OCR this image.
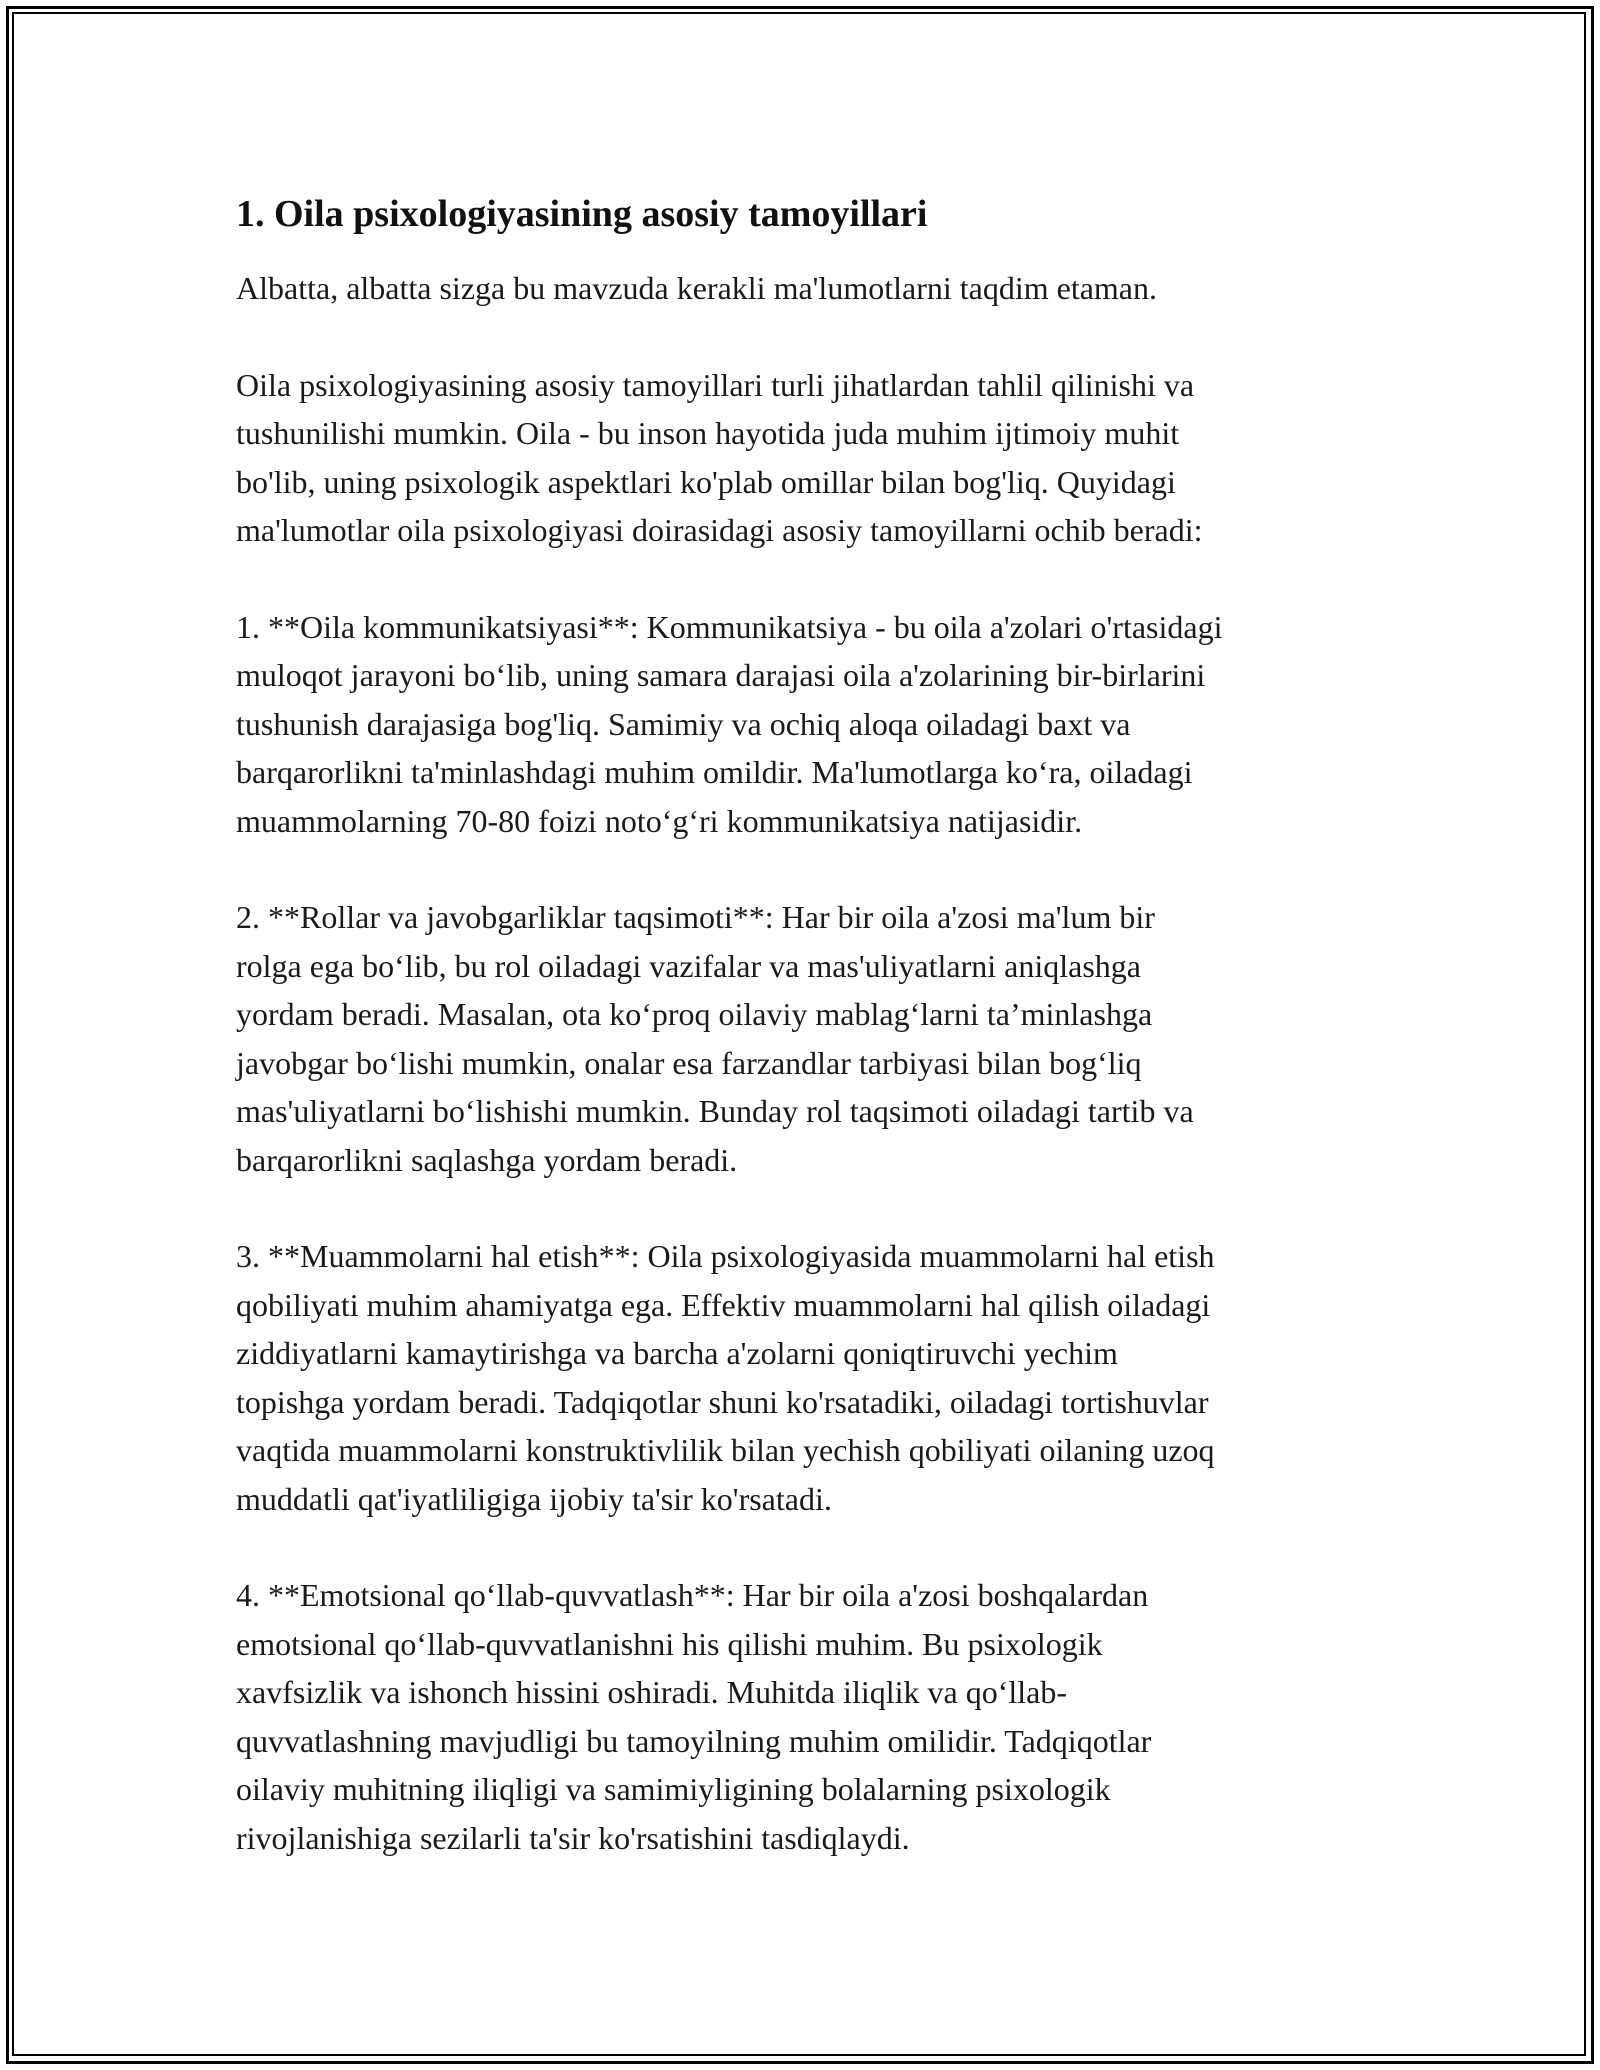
1. Oila psixologiyasining asosiy tamoyillari

Albatta, albatta sizga bu mavzuda kerakli ma'lumotlarni taqdim etaman.

Oila psixologiyasining asosiy tamoyillari turli jihatlardan tahlil qilinishi va
tushunilishi mumkin. Oila - bu inson hayotida juda muhim ijtimoiy muhit
bo'lib, uning psixologik aspektlari ko'plab omillar bilan bog'liq. Quyidagi
ma'lumotlar oila psixologiyasi doirasidagi asosiy tamoyillarni ochib beradi:

1. **Oila kommunikatsiyasi**: Kommunikatsiya - bu oila a'zolari o'rtasidagi
muloqot jarayoni bo‘lib, uning samara darajasi oila a'zolarining bir-birlarini
tushunish darajasiga bog'liq. Samimiy va ochiq aloqa oiladagi baxt va
barqarorlikni ta'minlashdagi muhim omildir. Ma'lumotlarga ko‘ra, oiladagi
muammolarning 70-80 foizi noto‘g‘ri kommunikatsiya natijasidir.

2. **Rollar va javobgarliklar taqsimoti**: Har bir oila a'zosi ma'lum bir
rolga ega bo‘lib, bu rol oiladagi vazifalar va mas'uliyatlarni aniqlashga
yordam beradi. Masalan, ota ko‘proq oilaviy mablag‘larni ta’minlashga
javobgar bo‘lishi mumkin, onalar esa farzandlar tarbiyasi bilan bog‘liq
mas'uliyatlarni bo‘lishishi mumkin. Bunday rol taqsimoti oiladagi tartib va
barqarorlikni saqlashga yordam beradi.

3. **Muammolarni hal etish**: Oila psixologiyasida muammolarni hal etish
qobiliyati muhim ahamiyatga ega. Effektiv muammolarni hal qilish oiladagi
ziddiyatlarni kamaytirishga va barcha a'zolarni qoniqtiruvchi yechim
topishga yordam beradi. Tadqiqotlar shuni ko'rsatadiki, oiladagi tortishuvlar
vaqtida muammolarni konstruktivlilik bilan yechish qobiliyati oilaning uzoq
muddatli qat'iyatliligiga ijobiy ta'sir ko'rsatadi.

4. **Emotsional qo‘llab-quvvatlash**: Har bir oila a'zosi boshqalardan
emotsional qo‘llab-quvvatlanishni his qilishi muhim. Bu psixologik
xavfsizlik va ishonch hissini oshiradi. Muhitda iliqlik va qo‘llab-
quvvatlashning mavjudligi bu tamoyilning muhim omilidir. Tadqiqotlar
oilaviy muhitning iliqligi va samimiyligining bolalarning psixologik
rivojlanishiga sezilarli ta'sir ko'rsatishini tasdiqlaydi.
